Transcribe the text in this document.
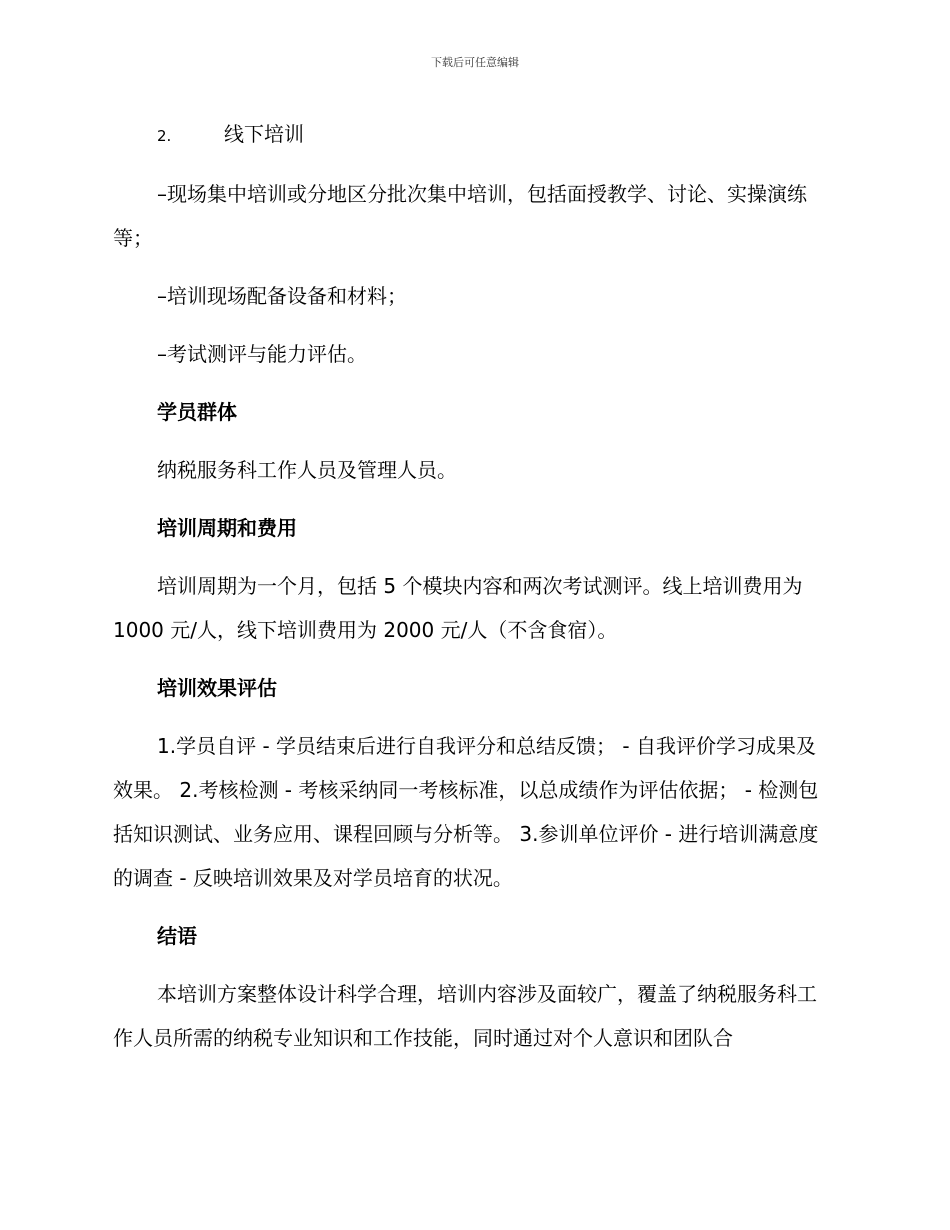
下载后可任意编辑

2.	线下培训

–现场集中培训或分地区分批次集中培训，包括面授教学、讨论、实操演练等；

–培训现场配备设备和材料；

–考试测评与能力评估。

学员群体

纳税服务科工作人员及管理人员。

培训周期和费用

培训周期为一个月，包括 5 个模块内容和两次考试测评。线上培训费用为 1000 元/人，线下培训费用为 2000 元/人（不含食宿）。

培训效果评估

1.学员自评 - 学员结束后进行自我评分和总结反馈； - 自我评价学习成果及效果。 2.考核检测 - 考核采纳同一考核标准，以总成绩作为评估依据； - 检测包括知识测试、业务应用、课程回顾与分析等。 3.参训单位评价 - 进行培训满意度的调查 - 反映培训效果及对学员培育的状况。

结语

本培训方案整体设计科学合理，培训内容涉及面较广，覆盖了纳税服务科工作人员所需的纳税专业知识和工作技能，同时通过对个人意识和团队合
